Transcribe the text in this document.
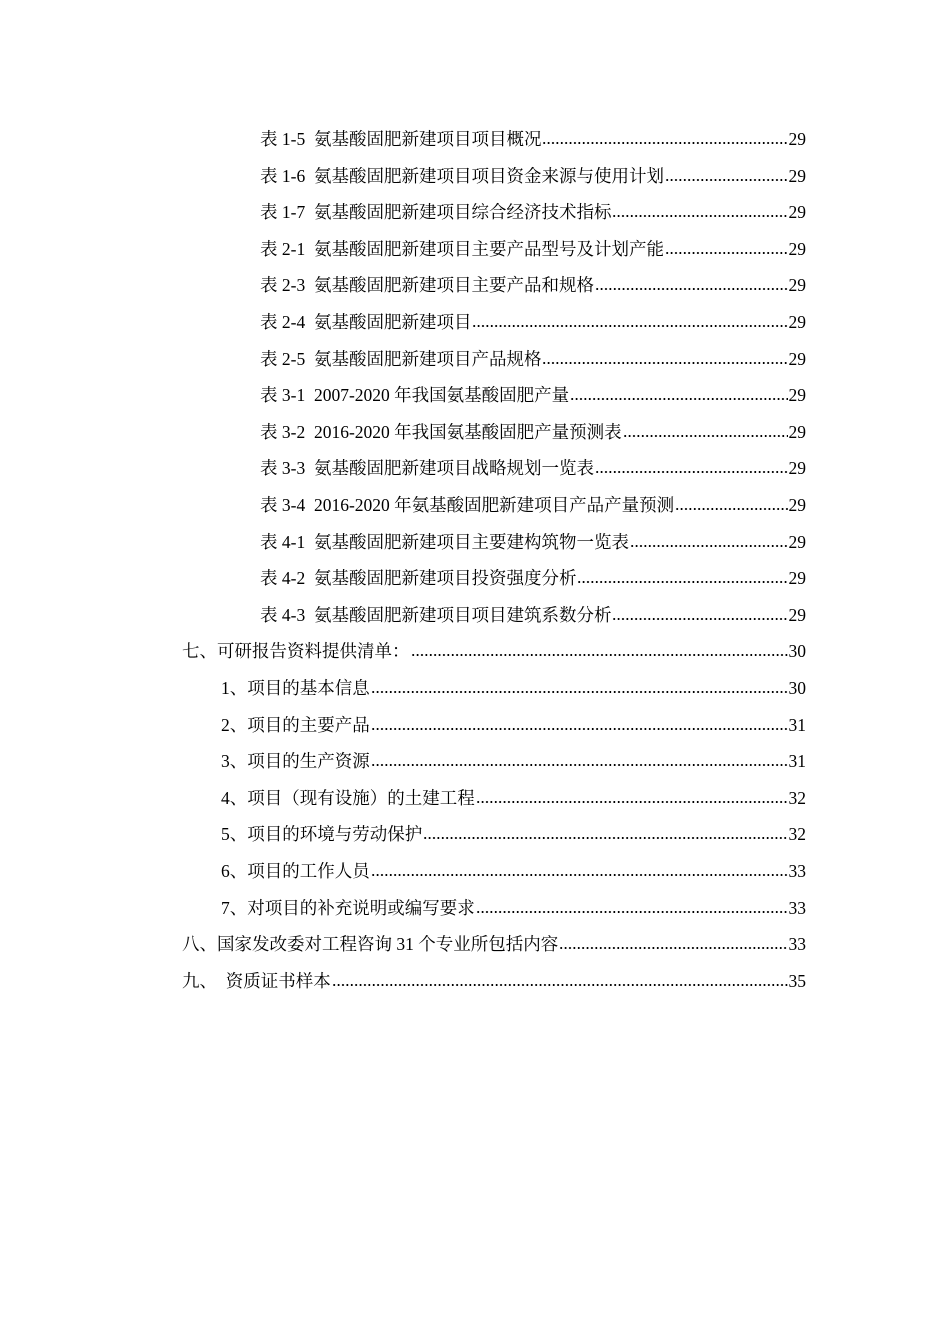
表 1-5  氨基酸固肥新建项目项目概况	29
表 1-6  氨基酸固肥新建项目项目资金来源与使用计划	29
表 1-7  氨基酸固肥新建项目综合经济技术指标	29
表 2-1  氨基酸固肥新建项目主要产品型号及计划产能	29
表 2-3  氨基酸固肥新建项目主要产品和规格	29
表 2-4  氨基酸固肥新建项目	29
表 2-5  氨基酸固肥新建项目产品规格	29
表 3-1  2007-2020 年我国氨基酸固肥产量	29
表 3-2  2016-2020 年我国氨基酸固肥产量预测表	29
表 3-3  氨基酸固肥新建项目战略规划一览表	29
表 3-4  2016-2020 年氨基酸固肥新建项目产品产量预测	29
表 4-1  氨基酸固肥新建项目主要建构筑物一览表	29
表 4-2  氨基酸固肥新建项目投资强度分析	29
表 4-3  氨基酸固肥新建项目项目建筑系数分析	29
七、可研报告资料提供清单：	30
1、项目的基本信息	30
2、项目的主要产品	31
3、项目的生产资源	31
4、项目（现有设施）的土建工程	32
5、项目的环境与劳动保护	32
6、项目的工作人员	33
7、对项目的补充说明或编写要求	33
八、国家发改委对工程咨询 31 个专业所包括内容	33
九、  资质证书样本	35
